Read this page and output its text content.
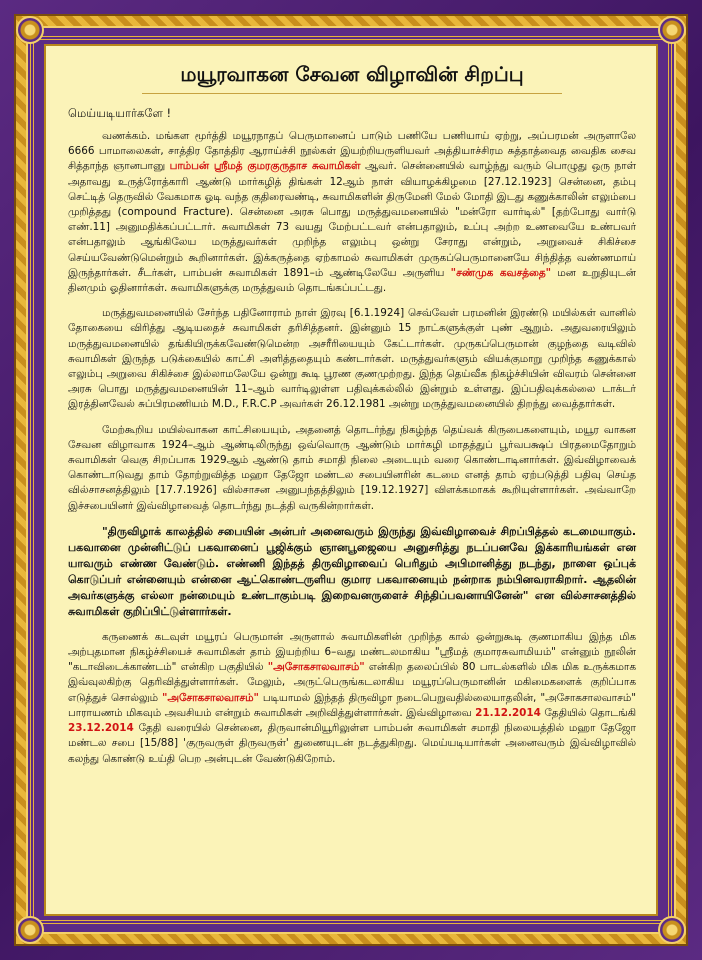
மயூரவாகன சேவன விழாவின் சிறப்பு
மெய்யடியார்களே !

வணக்கம். மங்கள மூர்த்தி மயூரநாதப் பெருமானைப் பாடும் பணியே பணியாய் ஏற்று, அப்பரமன் அருளாலே 6666 பாமாலைகள், சாத்திர தோத்திர ஆராய்ச்சி நூல்கள் இயற்றியருளியவர் அத்தியாச்சிரம சுத்தாத்வைத வைதிக சைவ சித்தாந்த ஞானபானு பாம்பன் ஸ்ரீமத் குமரகுருதாச சுவாமிகள் ஆவர். சென்னையில் வாழ்ந்து வரும் பொழுது ஒரு நாள் அதாவது உருத்ரோத்காரி ஆண்டு மார்கழித் திங்கள் 12ஆம் நாள் வியாழக்கிழமை [27.12.1923] சென்னை, தம்பு செட்டித் தெருவில் வேகமாக ஓடி வந்த குதிரைவண்டி, சுவாமிகளின் திருமேனி மேல் மோதி இடது கணுக்காலின் எலும்பை முறித்தது (compound Fracture). சென்னை அரசு பொது மருத்துவமனையில் "மன்ரோ வார்டில்" [தற்போது வார்டு எண்.11] அனுமதிக்கப்பட்டார். சுவாமிகள் 73 வயது மேற்பட்டவர் என்பதாலும், உப்பு அற்ற உணவையே உண்பவர் என்பதாலும் ஆங்கிலேய மருத்துவர்கள் முறிந்த எலும்பு ஒன்று சேராது என்றும், அறுவைச் சிகிச்சை செய்யவேண்டுமென்றும் கூறினார்கள். இக்கருத்தை ஏற்காமல் சுவாமிகள் முருகப்பெருமானையே சிந்தித்த வண்ணமாய் இருந்தார்கள். சீடர்கள், பாம்பன் சுவாமிகள் 1891–ம் ஆண்டிலேயே அருளிய "சண்முக கவசத்தை" மன உறுதியுடன் தினமும் ஓதினார்கள். சுவாமிகளுக்கு மருத்துவம் தொடங்கப்பட்டது.

மருத்துவமனையில் சேர்ந்த பதினோராம் நாள் இரவு [6.1.1924] செவ்வேள் பரமனின் இரண்டு மயில்கள் வானில் தோகையை விரித்து ஆடியதைச் சுவாமிகள் தரிசித்தனர். இன்னும் 15 நாட்களுக்குள் புண் ஆறும். அதுவரையிலும் மருத்துவமனையில் தங்கியிருக்கவேண்டுமென்ற அசரீரியையும் கேட்டார்கள். முருகப்பெருமான் குழந்தை வடிவில் சுவாமிகள் இருந்த படுக்கையில் காட்சி அளித்ததையும் கண்டார்கள். மருத்துவர்களும் வியக்குமாறு முறிந்த கணுக்கால் எலும்பு அறுவை சிகிச்சை இல்லாமலேயே ஒன்று கூடி பூரண குணமுற்றது. இந்த தெய்வீக நிகழ்ச்சியின் விவரம் சென்னை அரசு பொது மருத்துவமனையின் 11–ஆம் வார்டிலுள்ள பதிவுக்கல்லில் இன்றும் உள்ளது. இப்பதிவுக்கல்லை டாக்டர் இரத்தினவேல் சுப்பிரமணியம் M.D., F.R.C.P அவர்கள் 26.12.1981 அன்று மருத்துவமனையில் திறந்து வைத்தார்கள்.

மேற்கூறிய மயில்வாகன காட்சியையும், அதனைத் தொடர்ந்து நிகழ்ந்த தெய்வக் கிருபைகளையும், மயூர வாகன சேவன விழாவாக 1924–ஆம் ஆண்டிலிருந்து ஒவ்வொரு ஆண்டும் மார்கழி மாதத்துப் பூர்வபக்ஷப் பிரதமைதோறும் சுவாமிகள் வெகு சிறப்பாக 1929ஆம் ஆண்டு தாம் சமாதி நிலை அடையும் வரை கொண்டாடினார்கள். இவ்விழாவைக் கொண்டாடுவது தாம் தோற்றுவித்த மஹா தேஜோ மண்டல சபையினரின் கடமை எனத் தாம் ஏற்படுத்தி பதிவு செய்த வில்சாசனத்திலும் [17.7.1926] வில்சாசன அனுபந்தத்திலும் [19.12.1927] விளக்கமாகக் கூறியுள்ளார்கள். அவ்வாறே இச்சபையினர் இவ்விழாவைத் தொடர்ந்து நடத்தி வருகின்றார்கள்.

"திருவிழாக் காலத்தில் சபையின் அன்பர் அனைவரும் இருந்து இவ்விழாவைச் சிறப்பித்தல் கடமையாகும். பகவானை முன்னிட்டுப் பகவானைப் பூஜிக்கும் ஞானபூஜையை அனுசரித்து நடப்பனவே இக்காரியங்கள் என யாவரும் எண்ண வேண்டும். எண்ணி இந்தத் திருவிழாவைப் பெரிதும் அபிமானித்து நடந்து, நாளை ஒப்புக் கொடுப்பர் என்னையும் என்னை ஆட்கொண்டருளிய குமார பகவானையும் நன்றாக நம்பினவராகிறார். ஆதலின் அவர்களுக்கு எல்லா நன்மையும் உண்டாகும்படி இறைவனருளைச் சிந்திப்பவனாயினேன்" என வில்சாசனத்தில் சுவாமிகள் குறிப்பிட்டுள்ளார்கள்.

கருணைக் கடவுள் மயூரப் பெருமான் அருளால் சுவாமிகளின் முறிந்த கால் ஒன்றுகூடி குணமாகிய இந்த மிக அற்புதமான நிகழ்ச்சியைச் சுவாமிகள் தாம் இயற்றிய 6–வது மண்டலமாகிய "ஸ்ரீமத் குமாரசுவாமியம்" என்னும் நூலின் "கடாவிடைக்காண்டம்" என்கிற பகுதியில் "அசோகசாலவாசம்" என்கிற தலைப்பில் 80 பாடல்களில் மிக மிக உருக்கமாக இவ்வுலகிற்கு தெரிவித்துள்ளார்கள். மேலும், அருட்பெருங்கடலாகிய மயூரப்பெருமானின் மகிமைகளைக் குறிப்பாக எடுத்துச் சொல்லும் "அசோகசாலவாசம்" படியாமல் இந்தத் திருவிழா நடைபெறுவதில்லையாதலின், "அசோகசாலவாசம்" பாராயணம் மிகவும் அவசியம் என்றும் சுவாமிகள் அறிவித்துள்ளார்கள். இவ்விழாவை 21.12.2014 தேதியில் தொடங்கி 23.12.2014 தேதி வரையில் சென்னை, திருவான்மியூரிலுள்ள பாம்பன் சுவாமிகள் சமாதி நிலையத்தில் மஹா தேஜோ மண்டல சபை [15/88] 'குருவருள் திருவருள்' துணையுடன் நடத்துகிறது. மெய்யடியார்கள் அனைவரும் இவ்விழாவில் கலந்து கொண்டு உய்தி பெற அன்புடன் வேண்டுகிறோம்.
